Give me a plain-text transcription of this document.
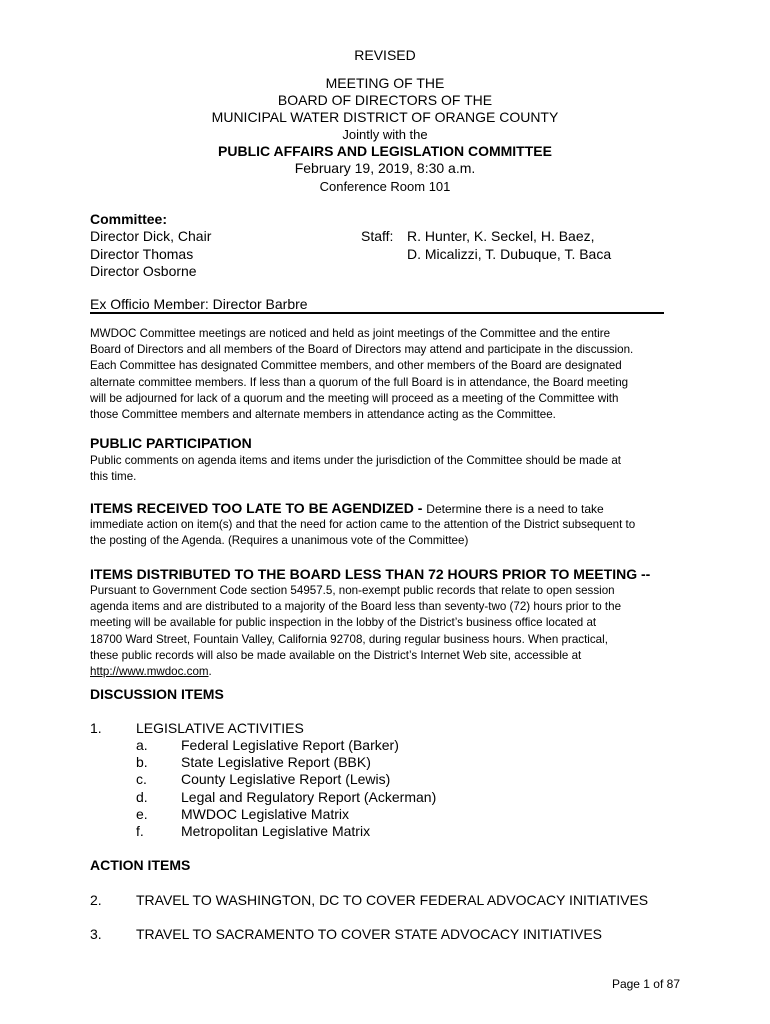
REVISED
MEETING OF THE
BOARD OF DIRECTORS OF THE
MUNICIPAL WATER DISTRICT OF ORANGE COUNTY
Jointly with the
PUBLIC AFFAIRS AND LEGISLATION COMMITTEE
February 19, 2019, 8:30 a.m.
Conference Room 101
Committee:
Director Dick, Chair
Director Thomas
Director Osborne
Staff: R. Hunter, K. Seckel, H. Baez,
D. Micalizzi, T. Dubuque, T. Baca
Ex Officio Member: Director Barbre
MWDOC Committee meetings are noticed and held as joint meetings of the Committee and the entire
Board of Directors and all members of the Board of Directors may attend and participate in the discussion.
Each Committee has designated Committee members, and other members of the Board are designated
alternate committee members. If less than a quorum of the full Board is in attendance, the Board meeting
will be adjourned for lack of a quorum and the meeting will proceed as a meeting of the Committee with
those Committee members and alternate members in attendance acting as the Committee.
PUBLIC PARTICIPATION
Public comments on agenda items and items under the jurisdiction of the Committee should be made at
this time.
ITEMS RECEIVED TOO LATE TO BE AGENDIZED - Determine there is a need to take
immediate action on item(s) and that the need for action came to the attention of the District subsequent to
the posting of the Agenda. (Requires a unanimous vote of the Committee)
ITEMS DISTRIBUTED TO THE BOARD LESS THAN 72 HOURS PRIOR TO MEETING --
Pursuant to Government Code section 54957.5, non-exempt public records that relate to open session
agenda items and are distributed to a majority of the Board less than seventy-two (72) hours prior to the
meeting will be available for public inspection in the lobby of the District’s business office located at
18700 Ward Street, Fountain Valley, California 92708, during regular business hours. When practical,
these public records will also be made available on the District’s Internet Web site, accessible at
http://www.mwdoc.com.
DISCUSSION ITEMS
1. LEGISLATIVE ACTIVITIES
a. Federal Legislative Report (Barker)
b. State Legislative Report (BBK)
c. County Legislative Report (Lewis)
d. Legal and Regulatory Report (Ackerman)
e. MWDOC Legislative Matrix
f.	Metropolitan Legislative Matrix
ACTION ITEMS
2. TRAVEL TO WASHINGTON, DC TO COVER FEDERAL ADVOCACY INITIATIVES
3. TRAVEL TO SACRAMENTO TO COVER STATE ADVOCACY INITIATIVES
Page 1 of 87
